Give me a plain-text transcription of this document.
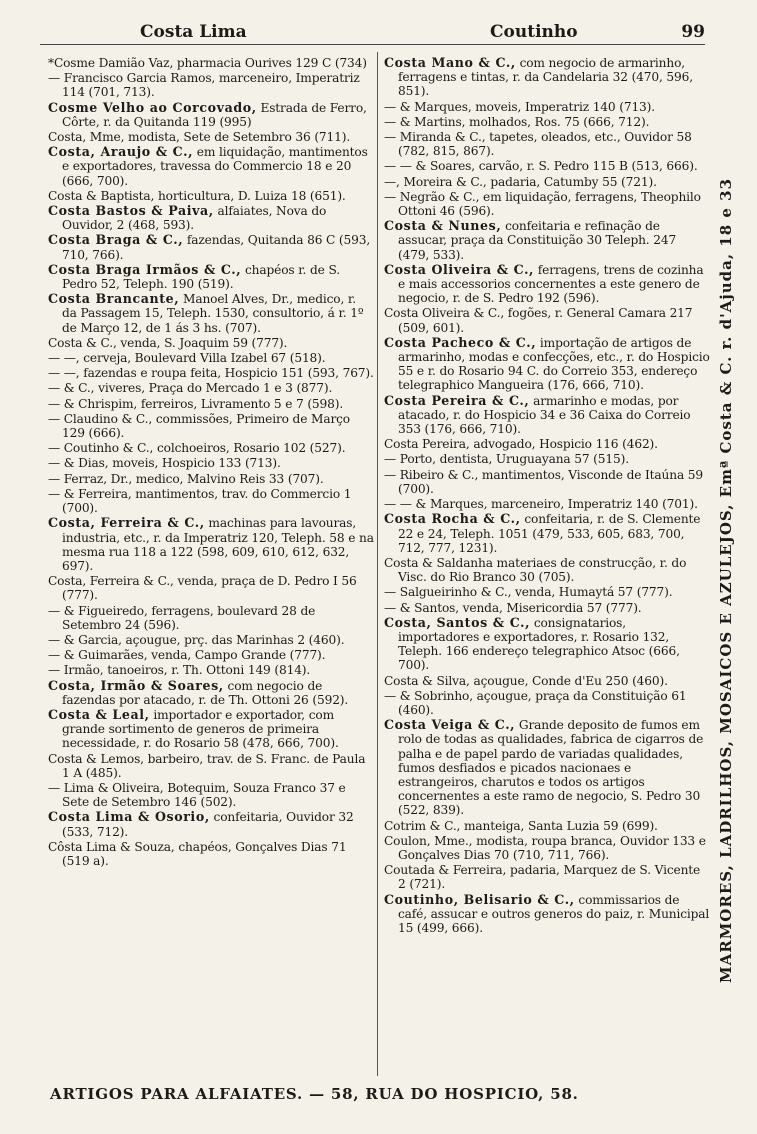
Costa Lima	Coutinho	99
*Cosme Damião Vaz, pharmacia Ourives 129 C (734)
— Francisco Garcia Ramos, marceneiro, Imperatriz 114 (701, 713).
Cosme Velho ao Corcovado, Estrada de Ferro, Côrte, r. da Quitanda 119 (995)
Costa, Mme, modista, Sete de Setembro 36 (711).
Costa, Araujo & C., em liquidação, mantimentos e exportadores, travessa do Commercio 18 e 20 (666, 700).
Costa & Baptista, horticultura, D. Luiza 18 (651).
Costa Bastos & Paiva, alfaiates, Nova do Ouvidor, 2 (468, 593).
Costa Braga & C., fazendas, Quitanda 86 C (593, 710, 766).
Costa Braga Irmãos & C., chapéos r. de S. Pedro 52, Teleph. 190 (519).
Costa Brancante, Manoel Alves, Dr., medico, r. da Passagem 15, Teleph. 1530, consultorio, á r. 1º de Março 12, de 1 ás 3 hs. (707).
Costa & C., venda, S. Joaquim 59 (777).
— —, cerveja, Boulevard Villa Izabel 67 (518).
— —, fazendas e roupa feita, Hospicio 151 (593, 767).
— & C., viveres, Praça do Mercado 1 e 3 (877).
— & Chrispim, ferreiros, Livramento 5 e 7 (598).
— Claudino & C., commissões, Primeiro de Março 129 (666).
— Coutinho & C., colchoeiros, Rosario 102 (527).
— & Dias, moveis, Hospicio 133 (713).
— Ferraz, Dr., medico, Malvino Reis 33 (707).
— & Ferreira, mantimentos, trav. do Commercio 1 (700).
Costa, Ferreira & C., machinas para lavouras, industria, etc., r. da Imperatriz 120, Teleph. 58 e na mesma rua 118 a 122 (598, 609, 610, 612, 632, 697).
Costa, Ferreira & C., venda, praça de D. Pedro I 56 (777).
— & Figueiredo, ferragens, boulevard 28 de Setembro 24 (596).
— & Garcia, açougue, prç. das Marinhas 2 (460).
— & Guimarães, venda, Campo Grande (777).
— Irmão, tanoeiros, r. Th. Ottoni 149 (814).
Costa, Irmão & Soares, com negocio de fazendas por atacado, r. de Th. Ottoni 26 (592).
Costa & Leal, importador e exportador, com grande sortimento de generos de primeira necessidade, r. do Rosario 58 (478, 666, 700).
Costa & Lemos, barbeiro, trav. de S. Franc. de Paula 1 A (485).
— Lima & Oliveira, Botequim, Souza Franco 37 e Sete de Setembro 146 (502).
Costa Lima & Osorio, confeitaria, Ouvidor 32 (533, 712).
Côsta Lima & Souza, chapéos, Gonçalves Dias 71 (519 a).
Costa Mano & C., com negocio de armarinho, ferragens e tintas, r. da Candelaria 32 (470, 596, 851).
— & Marques, moveis, Imperatriz 140 (713).
— & Martins, molhados, Ros. 75 (666, 712).
— Miranda & C., tapetes, oleados, etc., Ouvidor 58 (782, 815, 867).
— — & Soares, carvão, r. S. Pedro 115 B (513, 666).
—, Moreira & C., padaria, Catumby 55 (721).
— Negrão & C., em liquidação, ferragens, Theophilo Ottoni 46 (596).
Costa & Nunes, confeitaria e refinação de assucar, praça da Constituição 30 Teleph. 247 (479, 533).
Costa Oliveira & C., ferragens, trens de cozinha e mais accessorios concernentes a este genero de negocio, r. de S. Pedro 192 (596).
Costa Oliveira & C., fogões, r. General Camara 217 (509, 601).
Costa Pacheco & C., importação de artigos de armarinho, modas e confecções, etc., r. do Hospicio 55 e r. do Rosario 94 C. do Correio 353, endereço telegraphico Mangueira (176, 666, 710).
Costa Pereira & C., armarinho e modas, por atacado, r. do Hospicio 34 e 36 Caixa do Correio 353 (176, 666, 710).
Costa Pereira, advogado, Hospicio 116 (462).
— Porto, dentista, Uruguayana 57 (515).
— Ribeiro & C., mantimentos, Visconde de Itaúna 59 (700).
— — & Marques, marceneiro, Imperatriz 140 (701).
Costa Rocha & C., confeitaria, r. de S. Clemente 22 e 24, Teleph. 1051 (479, 533, 605, 683, 700, 712, 777, 1231).
Costa & Saldanha materiaes de construcção, r. do Visc. do Rio Branco 30 (705).
— Salgueirinho & C., venda, Humaytá 57 (777).
— & Santos, venda, Misericordia 57 (777).
Costa, Santos & C., consignatarios, importadores e exportadores, r. Rosario 132, Teleph. 166 endereço telegraphico Atsoc (666, 700).
Costa & Silva, açougue, Conde d'Eu 250 (460).
— & Sobrinho, açougue, praça da Constituição 61 (460).
Costa Veiga & C., Grande deposito de fumos em rolo de todas as qualidades, fabrica de cigarros de palha e de papel pardo de variadas qualidades, fumos desfiados e picados nacionaes e estrangeiros, charutos e todos os artigos concernentes a este ramo de negocio, S. Pedro 30 (522, 839).
Cotrim & C., manteiga, Santa Luzia 59 (699).
Coulon, Mme., modista, roupa branca, Ouvidor 133 e Gonçalves Dias 70 (710, 711, 766).
Coutada & Ferreira, padaria, Marquez de S. Vicente 2 (721).
Coutinho, Belisario & C., commissarios de café, assucar e outros generos do paiz, r. Municipal 15 (499, 666).	MARMORES, LADRILHOS, MOSAICOS E AZULEJOS, Emª Costa & C. r. d'Ajuda, 18 e 33
ARTIGOS PARA ALFAIATES. — 58, RUA DO HOSPICIO, 58.
